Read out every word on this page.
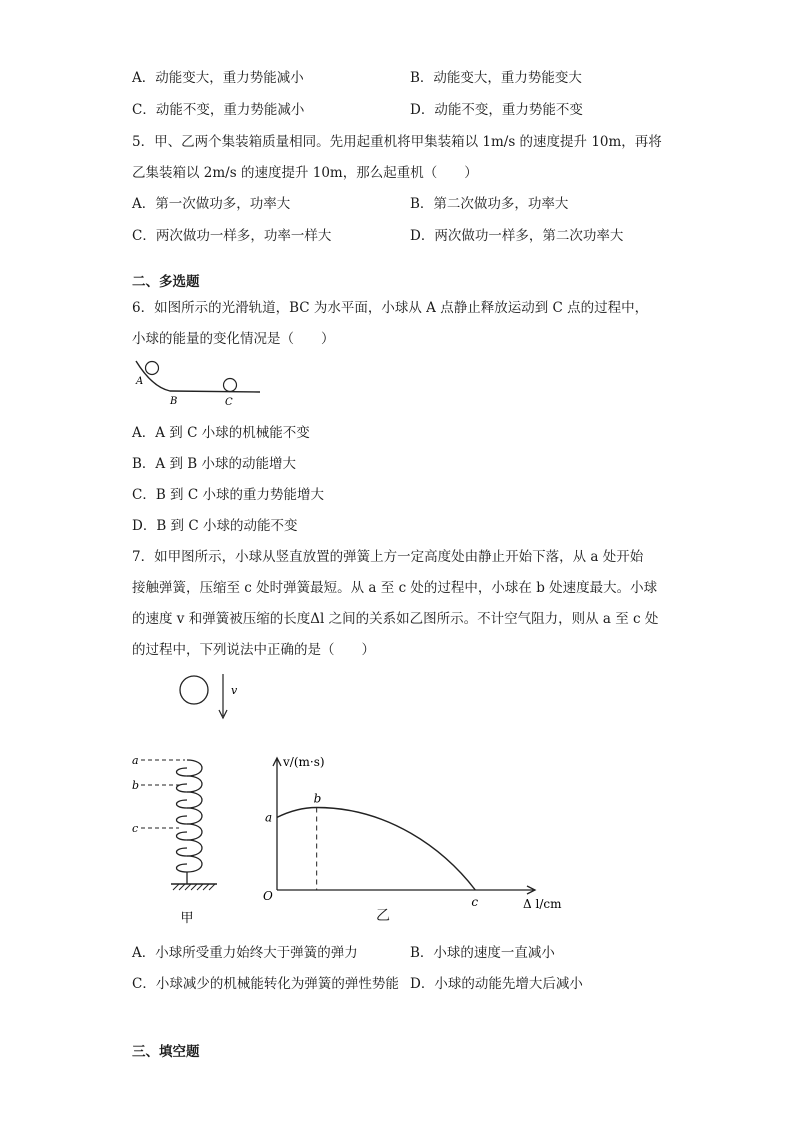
A．动能变大，重力势能减小	B．动能变大，重力势能变大
C．动能不变，重力势能减小	D．动能不变，重力势能不变
5．甲、乙两个集装箱质量相同。先用起重机将甲集装箱以 1m/s 的速度提升 10m，再将
乙集装箱以 2m/s 的速度提升 10m，那么起重机（　　）
A．第一次做功多，功率大	B．第二次做功多，功率大
C．两次做功一样多，功率一样大	D．两次做功一样多，第二次功率大
二、多选题
6．如图所示的光滑轨道，BC 为水平面，小球从 A 点静止释放运动到 C 点的过程中，
小球的能量的变化情况是（　　）
A
B	C
A．A 到 C 小球的机械能不变
B．A 到 B 小球的动能增大
C．B 到 C 小球的重力势能增大
D．B 到 C 小球的动能不变
7．如甲图所示，小球从竖直放置的弹簧上方一定高度处由静止开始下落，从 a 处开始
接触弹簧，压缩至 c 处时弹簧最短。从 a 至 c 处的过程中，小球在 b 处速度最大。小球
的速度 v 和弹簧被压缩的长度Δl 之间的关系如乙图所示。不计空气阻力，则从 a 至 c 处
的过程中，下列说法中正确的是（　　）
v
a
b
c
甲
v/(m·s)
Δ l/cm
O
a
b
c
乙
A．小球所受重力始终大于弹簧的弹力	B．小球的速度一直减小
C．小球减少的机械能转化为弹簧的弹性势能 D．小球的动能先增大后减小
三、填空题
